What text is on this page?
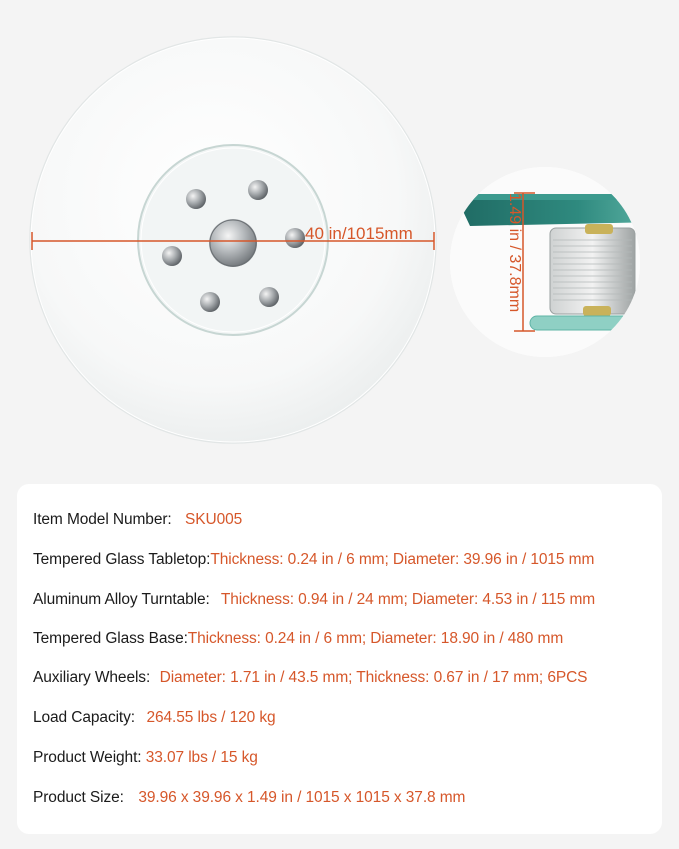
40 in/1015mm	1.49 in / 37.8mm
Item Model Number: SKU005
Tempered Glass Tabletop:Thickness: 0.24 in / 6 mm; Diameter: 39.96 in / 1015 mm
Aluminum Alloy Turntable: Thickness: 0.94 in / 24 mm; Diameter: 4.53 in / 115 mm
Tempered Glass Base:Thickness: 0.24 in / 6 mm; Diameter: 18.90 in / 480 mm
Auxiliary Wheels: Diameter: 1.71 in / 43.5 mm; Thickness: 0.67 in / 17 mm; 6PCS
Load Capacity: 264.55 lbs / 120 kg
Product Weight: 33.07 lbs / 15 kg
Product Size: 39.96 x 39.96 x 1.49 in / 1015 x 1015 x 37.8 mm
